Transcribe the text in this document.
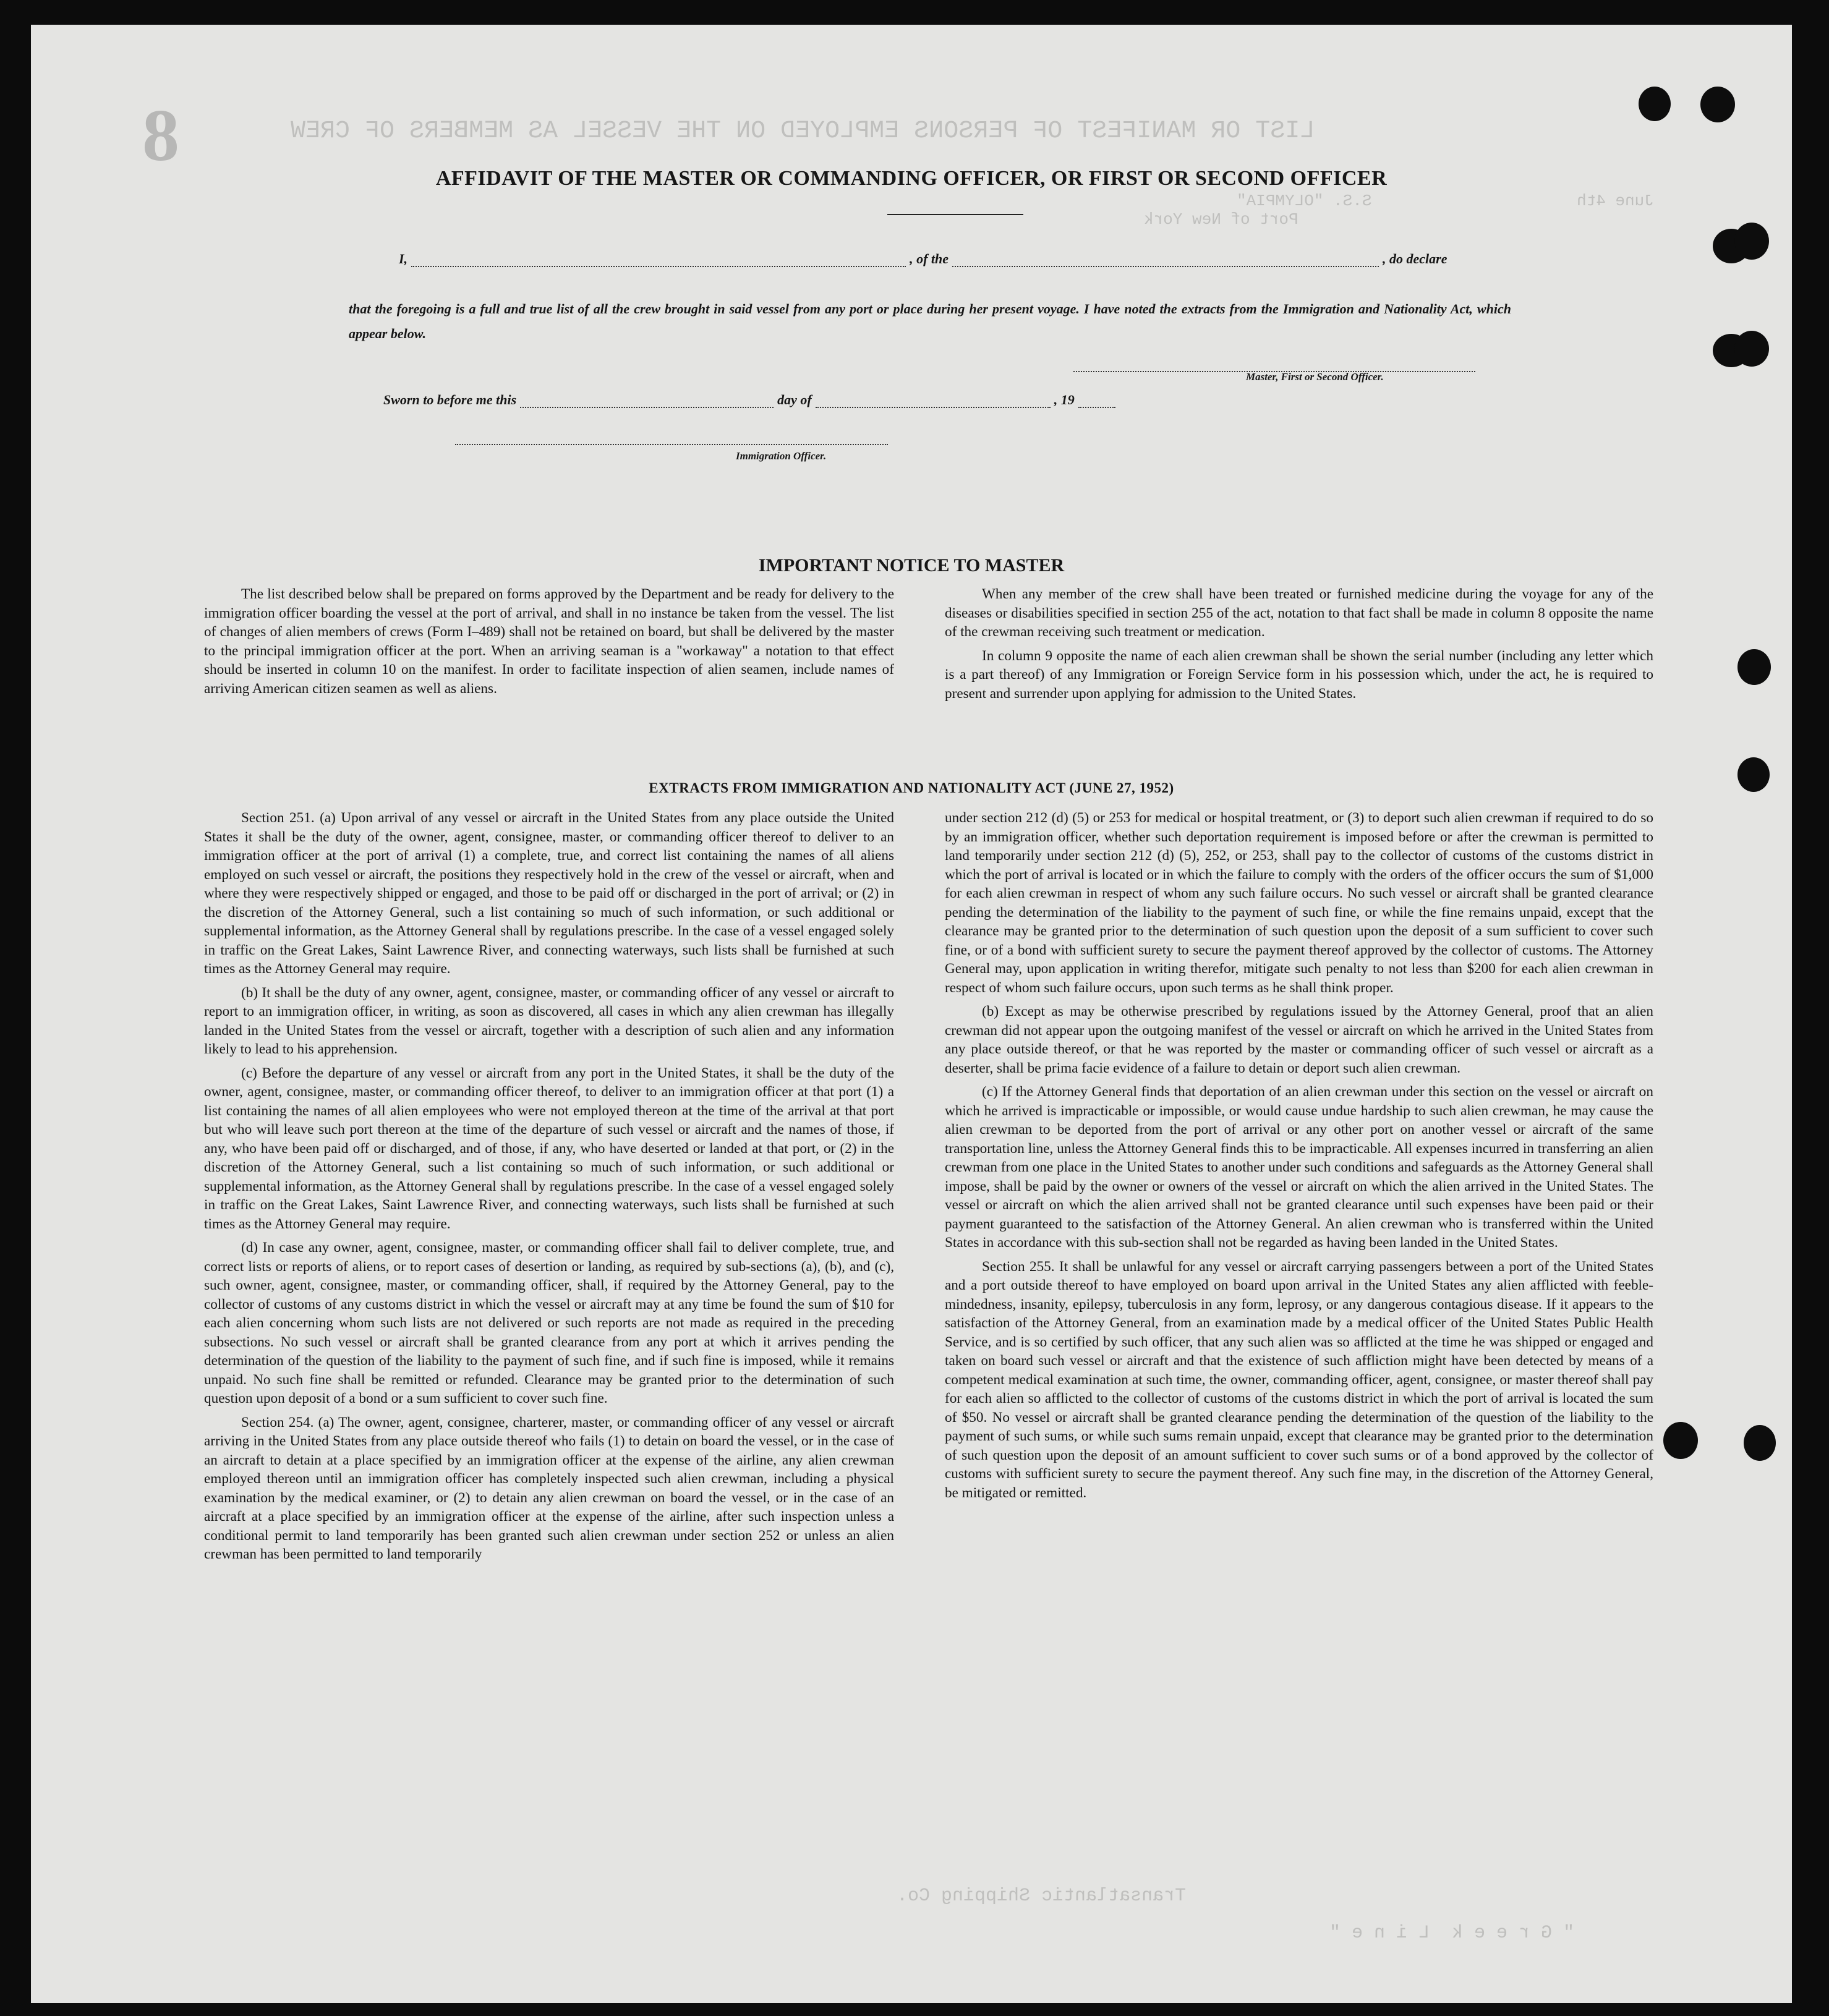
LIST OR MANIFEST OF PERSONS EMPLOYED ON THE VESSEL AS MEMBERS OF CREW
S.S. "OLYMPIA"
Port of New York
June 4th
Transatlantic Shipping Co.
" G r e e k  L i n e "
8
AFFIDAVIT OF THE MASTER OR COMMANDING OFFICER, OR FIRST OR SECOND OFFICER
I,	, of the	, do declare
that the foregoing is a full and true list of all the crew brought in said vessel from any port or place during her present voyage. I have noted the extracts from the Immigration and Nationality Act, which appear below.
Master, First or Second Officer.
Sworn to before me this	day of	, 19
Immigration Officer.
IMPORTANT NOTICE TO MASTER

The list described below shall be prepared on forms approved by the Department and be ready for delivery to the immigration officer boarding the vessel at the port of arrival, and shall in no instance be taken from the vessel. The list of changes of alien members of crews (Form I–489) shall not be retained on board, but shall be delivered by the master to the principal immigration officer at the port. When an arriving seaman is a "workaway" a notation to that effect should be inserted in column 10 on the manifest. In order to facilitate inspection of alien seamen, include names of arriving American citizen seamen as well as aliens.

When any member of the crew shall have been treated or furnished medicine during the voyage for any of the diseases or disabilities specified in section 255 of the act, notation to that fact shall be made in column 8 opposite the name of the crewman receiving such treatment or medication.

In column 9 opposite the name of each alien crewman shall be shown the serial number (including any letter which is a part thereof) of any Immigration or Foreign Service form in his possession which, under the act, he is required to present and surrender upon applying for admission to the United States.

EXTRACTS FROM IMMIGRATION AND NATIONALITY ACT (JUNE 27, 1952)

Section 251. (a) Upon arrival of any vessel or aircraft in the United States from any place outside the United States it shall be the duty of the owner, agent, consignee, master, or commanding officer thereof to deliver to an immigration officer at the port of arrival (1) a complete, true, and correct list containing the names of all aliens employed on such vessel or aircraft, the positions they respectively hold in the crew of the vessel or aircraft, when and where they were respectively shipped or engaged, and those to be paid off or discharged in the port of arrival; or (2) in the discretion of the Attorney General, such a list containing so much of such information, or such additional or supplemental information, as the Attorney General shall by regulations prescribe. In the case of a vessel engaged solely in traffic on the Great Lakes, Saint Lawrence River, and connecting waterways, such lists shall be furnished at such times as the Attorney General may require.

(b) It shall be the duty of any owner, agent, consignee, master, or commanding officer of any vessel or aircraft to report to an immigration officer, in writing, as soon as discovered, all cases in which any alien crewman has illegally landed in the United States from the vessel or aircraft, together with a description of such alien and any information likely to lead to his apprehension.

(c) Before the departure of any vessel or aircraft from any port in the United States, it shall be the duty of the owner, agent, consignee, master, or commanding officer thereof, to deliver to an immigration officer at that port (1) a list containing the names of all alien employees who were not employed thereon at the time of the arrival at that port but who will leave such port thereon at the time of the departure of such vessel or aircraft and the names of those, if any, who have been paid off or discharged, and of those, if any, who have deserted or landed at that port, or (2) in the discretion of the Attorney General, such a list containing so much of such information, or such additional or supplemental information, as the Attorney General shall by regulations prescribe. In the case of a vessel engaged solely in traffic on the Great Lakes, Saint Lawrence River, and connecting waterways, such lists shall be furnished at such times as the Attorney General may require.

(d) In case any owner, agent, consignee, master, or commanding officer shall fail to deliver complete, true, and correct lists or reports of aliens, or to report cases of desertion or landing, as required by sub-sections (a), (b), and (c), such owner, agent, consignee, master, or commanding officer, shall, if required by the Attorney General, pay to the collector of customs of any customs district in which the vessel or aircraft may at any time be found the sum of $10 for each alien concerning whom such lists are not delivered or such reports are not made as required in the preceding subsections. No such vessel or aircraft shall be granted clearance from any port at which it arrives pending the determination of the question of the liability to the payment of such fine, and if such fine is imposed, while it remains unpaid. No such fine shall be remitted or refunded. Clearance may be granted prior to the determination of such question upon deposit of a bond or a sum sufficient to cover such fine.

Section 254. (a) The owner, agent, consignee, charterer, master, or commanding officer of any vessel or aircraft arriving in the United States from any place outside thereof who fails (1) to detain on board the vessel, or in the case of an aircraft to detain at a place specified by an immigration officer at the expense of the airline, any alien crewman employed thereon until an immigration officer has completely inspected such alien crewman, including a physical examination by the medical examiner, or (2) to detain any alien crewman on board the vessel, or in the case of an aircraft at a place specified by an immigration officer at the expense of the airline, after such inspection unless a conditional permit to land temporarily has been granted such alien crewman under section 252 or unless an alien crewman has been permitted to land temporarily

under section 212 (d) (5) or 253 for medical or hospital treatment, or (3) to deport such alien crewman if required to do so by an immigration officer, whether such deportation requirement is imposed before or after the crewman is permitted to land temporarily under section 212 (d) (5), 252, or 253, shall pay to the collector of customs of the customs district in which the port of arrival is located or in which the failure to comply with the orders of the officer occurs the sum of $1,000 for each alien crewman in respect of whom any such failure occurs. No such vessel or aircraft shall be granted clearance pending the determination of the liability to the payment of such fine, or while the fine remains unpaid, except that the clearance may be granted prior to the determination of such question upon the deposit of a sum sufficient to cover such fine, or of a bond with sufficient surety to secure the payment thereof approved by the collector of customs. The Attorney General may, upon application in writing therefor, mitigate such penalty to not less than $200 for each alien crewman in respect of whom such failure occurs, upon such terms as he shall think proper.

(b) Except as may be otherwise prescribed by regulations issued by the Attorney General, proof that an alien crewman did not appear upon the outgoing manifest of the vessel or aircraft on which he arrived in the United States from any place outside thereof, or that he was reported by the master or commanding officer of such vessel or aircraft as a deserter, shall be prima facie evidence of a failure to detain or deport such alien crewman.

(c) If the Attorney General finds that deportation of an alien crewman under this section on the vessel or aircraft on which he arrived is impracticable or impossible, or would cause undue hardship to such alien crewman, he may cause the alien crewman to be deported from the port of arrival or any other port on another vessel or aircraft of the same transportation line, unless the Attorney General finds this to be impracticable. All expenses incurred in transferring an alien crewman from one place in the United States to another under such conditions and safeguards as the Attorney General shall impose, shall be paid by the owner or owners of the vessel or aircraft on which the alien arrived in the United States. The vessel or aircraft on which the alien arrived shall not be granted clearance until such expenses have been paid or their payment guaranteed to the satisfaction of the Attorney General. An alien crewman who is transferred within the United States in accordance with this sub-section shall not be regarded as having been landed in the United States.

Section 255. It shall be unlawful for any vessel or aircraft carrying passengers between a port of the United States and a port outside thereof to have employed on board upon arrival in the United States any alien afflicted with feeble-mindedness, insanity, epilepsy, tuberculosis in any form, leprosy, or any dangerous contagious disease. If it appears to the satisfaction of the Attorney General, from an examination made by a medical officer of the United States Public Health Service, and is so certified by such officer, that any such alien was so afflicted at the time he was shipped or engaged and taken on board such vessel or aircraft and that the existence of such affliction might have been detected by means of a competent medical examination at such time, the owner, commanding officer, agent, consignee, or master thereof shall pay for each alien so afflicted to the collector of customs of the customs district in which the port of arrival is located the sum of $50. No vessel or aircraft shall be granted clearance pending the determination of the question of the liability to the payment of such sums, or while such sums remain unpaid, except that clearance may be granted prior to the determination of such question upon the deposit of an amount sufficient to cover such sums or of a bond approved by the collector of customs with sufficient surety to secure the payment thereof. Any such fine may, in the discretion of the Attorney General, be mitigated or remitted.
